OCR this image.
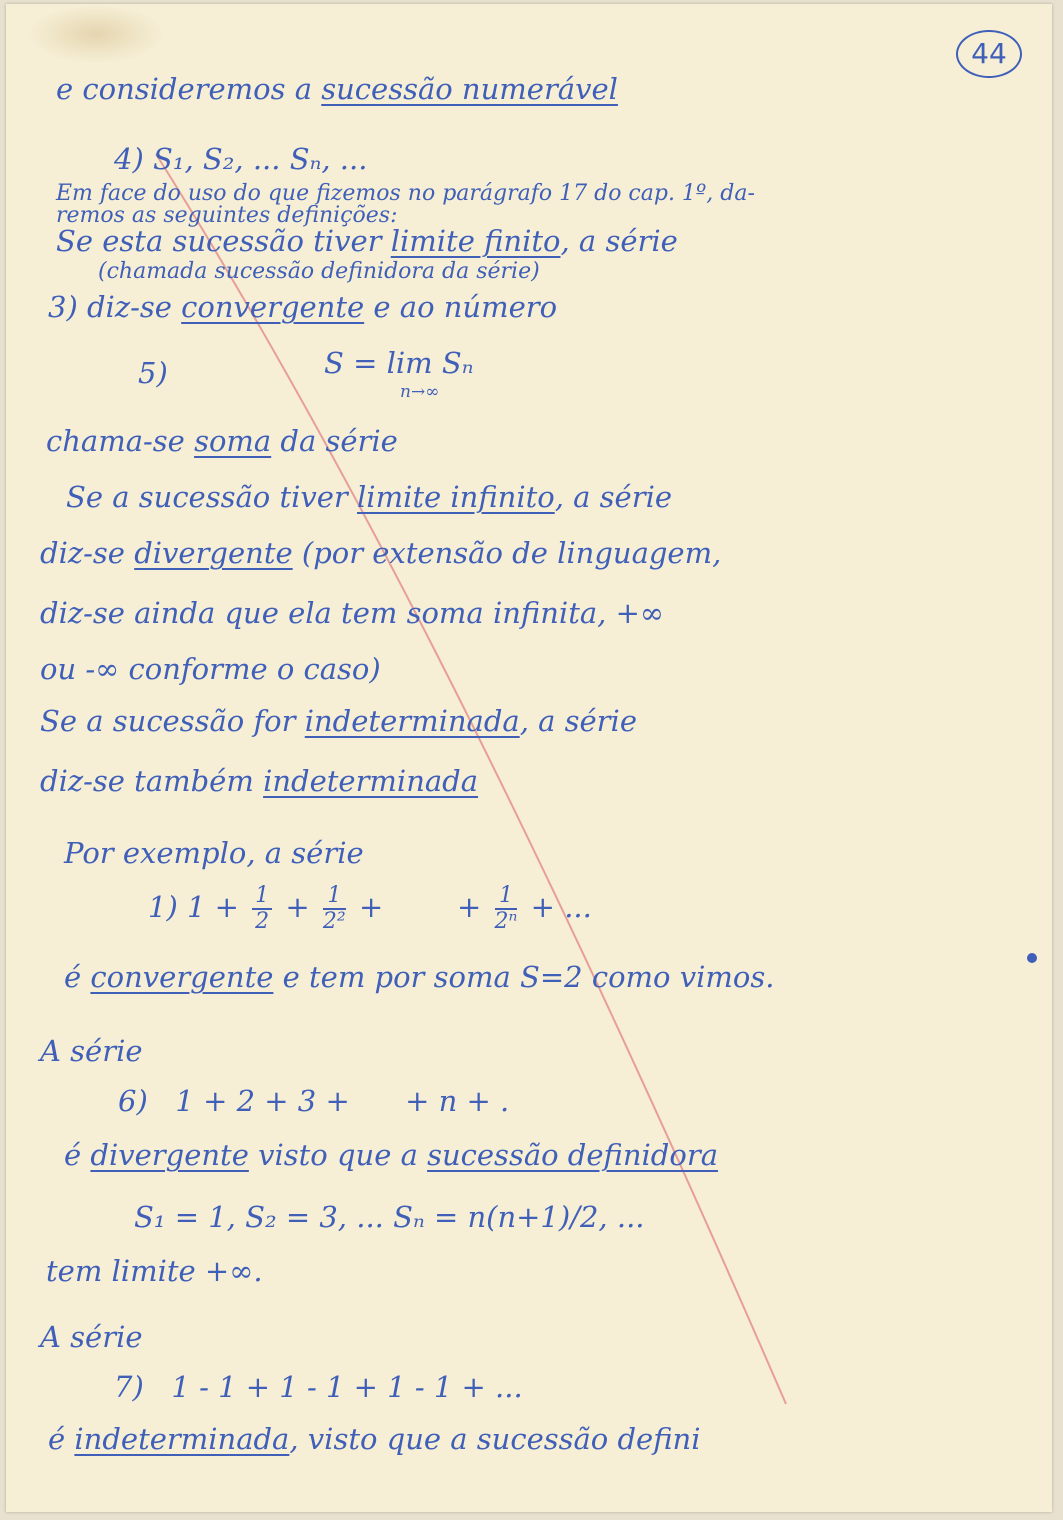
44
e consideremos a sucessão numerável
4) S₁, S₂, ... Sₙ, ...
Em face do uso do que fizemos no parágrafo 17 do cap. 1º, da-
remos as seguintes definições:
Se esta sucessão tiver limite finito, a série
(chamada sucessão definidora da série)
3) diz-se convergente e ao número
5)	S = lim Sₙ
n→∞
chama-se soma da série
Se a sucessão tiver limite infinito, a série
diz-se divergente (por extensão de linguagem,
diz-se ainda que ela tem soma infinita, +∞
ou -∞ conforme o caso)
Se a sucessão for indeterminada, a série
diz-se também indeterminada
Por exemplo, a série
1) $1 + \frac{1}{2} + \frac{1}{\text{2²}}$ +        + $\frac{1}{\text{2ⁿ}}$ + ...
é convergente e tem por soma S=2 como vimos.
A série
6)   1 + 2 + 3 +      + n + .
é divergente visto que a sucessão definidora
S₁ = 1, S₂ = 3, ... Sₙ = n(n+1)/2, ...
tem limite +∞.
A série
7)   1 - 1 + 1 - 1 + 1 - 1 + ...
é indeterminada, visto que a sucessão defini
